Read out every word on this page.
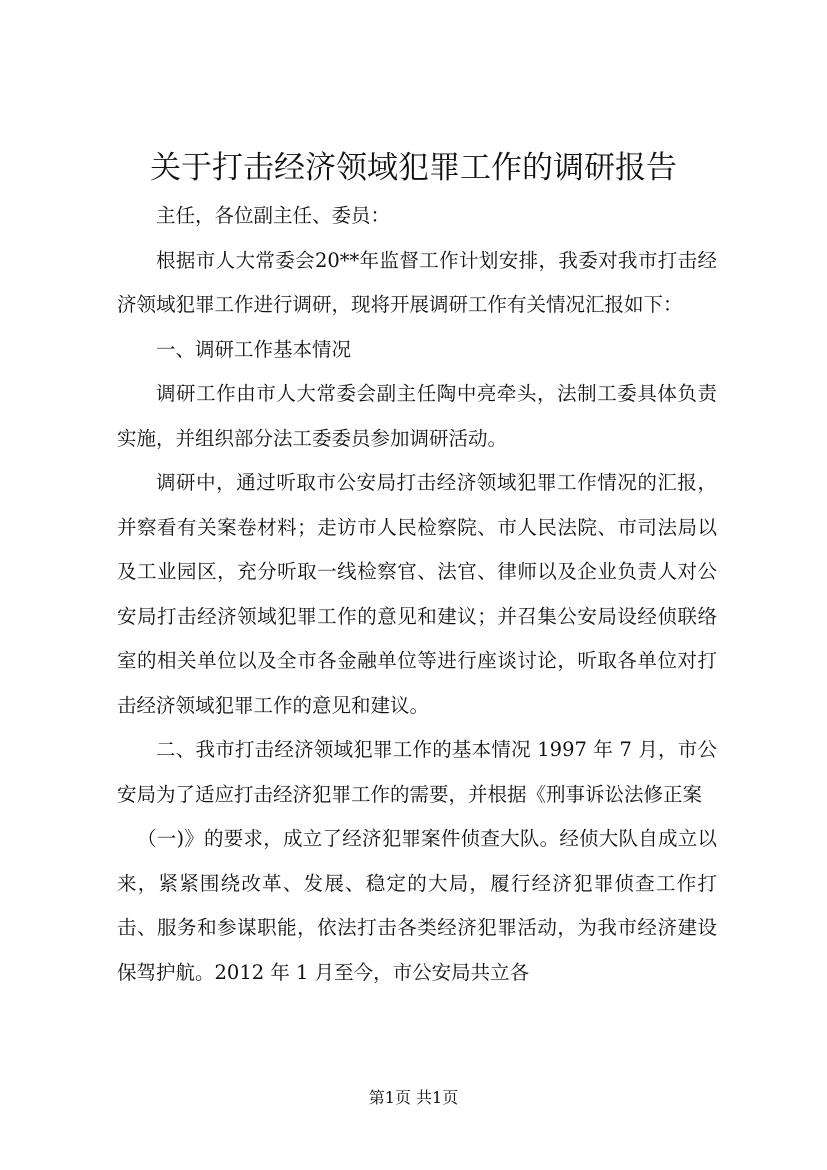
关于打击经济领域犯罪工作的调研报告

主任，各位副主任、委员：

根据市人大常委会20**年监督工作计划安排，我委对我市打击经济领域犯罪工作进行调研，现将开展调研工作有关情况汇报如下：

一、调研工作基本情况

调研工作由市人大常委会副主任陶中亮牵头，法制工委具体负责实施，并组织部分法工委委员参加调研活动。

调研中，通过听取市公安局打击经济领域犯罪工作情况的汇报，并察看有关案卷材料；走访市人民检察院、市人民法院、市司法局以及工业园区，充分听取一线检察官、法官、律师以及企业负责人对公安局打击经济领域犯罪工作的意见和建议；并召集公安局设经侦联络室的相关单位以及全市各金融单位等进行座谈讨论，听取各单位对打击经济领域犯罪工作的意见和建议。

二、我市打击经济领域犯罪工作的基本情况 1997 年 7 月，市公安局为了适应打击经济犯罪工作的需要，并根据《刑事诉讼法修正案

（一)》的要求，成立了经济犯罪案件侦查大队。经侦大队自成立以来，紧紧围绕改革、发展、稳定的大局，履行经济犯罪侦查工作打击、服务和参谋职能，依法打击各类经济犯罪活动，为我市经济建设保驾护航。2012 年 1 月至今，市公安局共立各

第1页 共1页
